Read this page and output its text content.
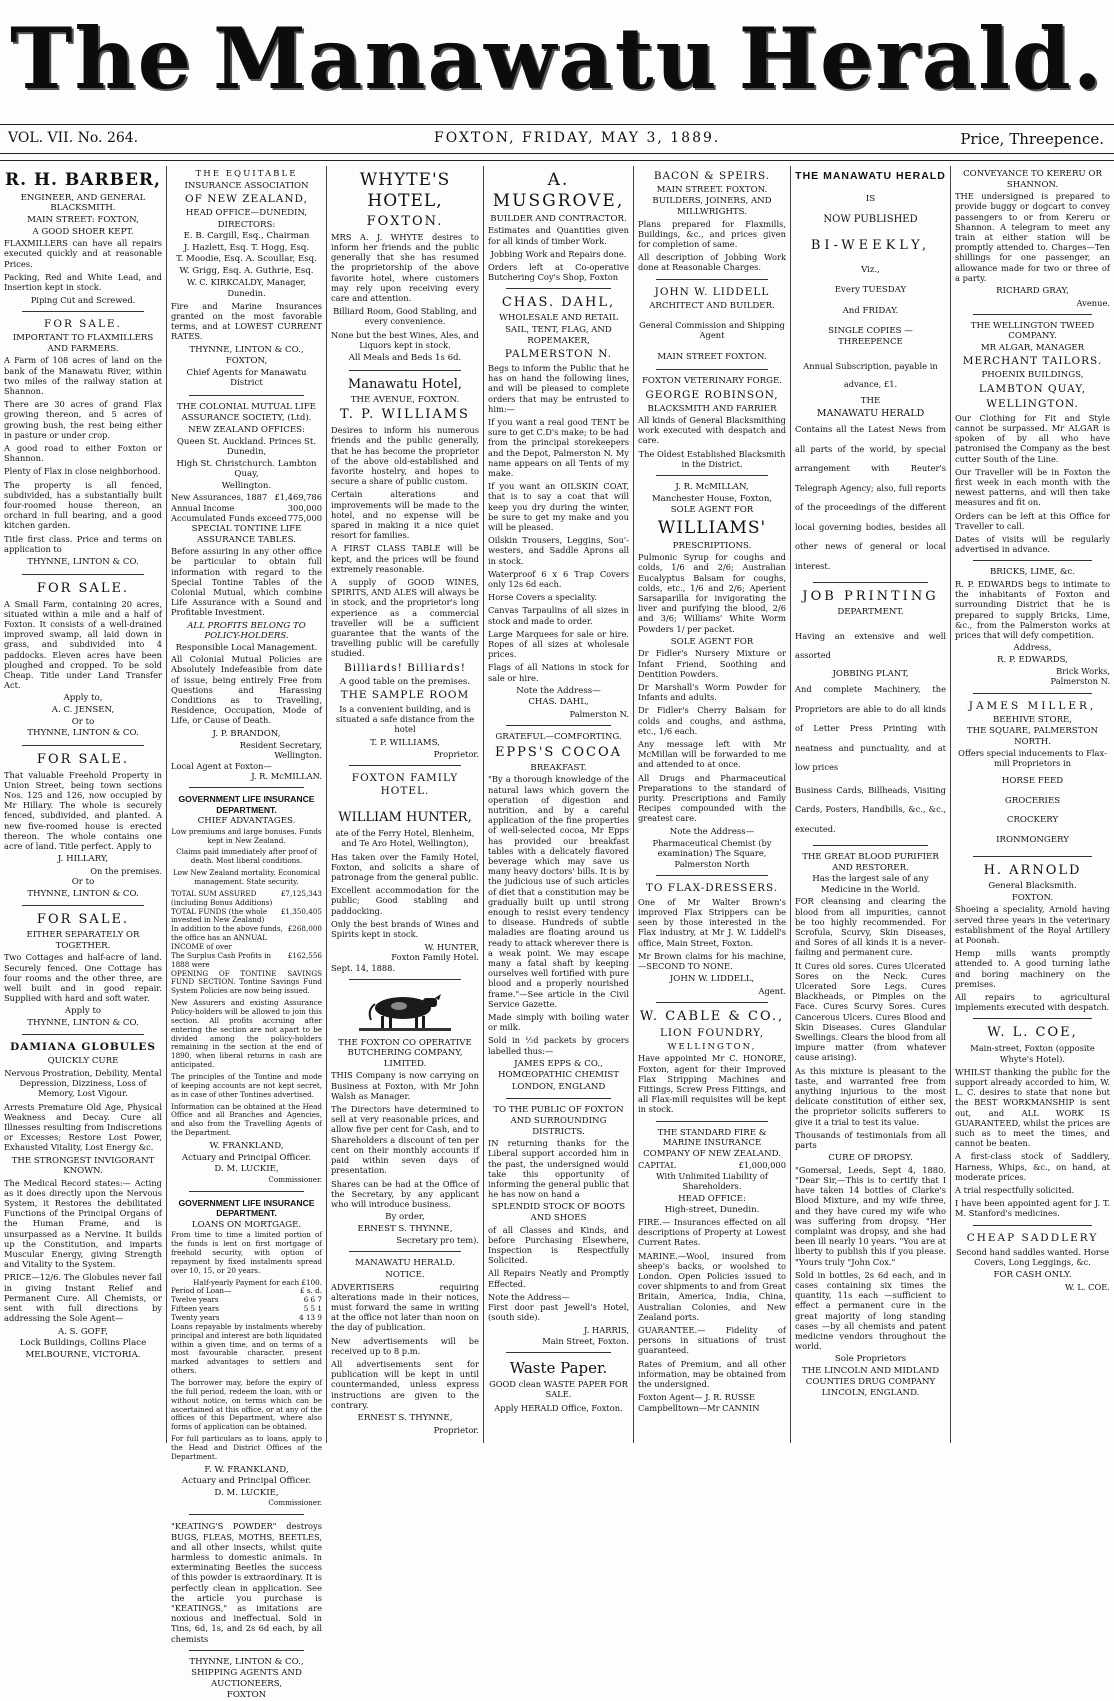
The Manawatu Herald.
VOL. VII. No. 264.	FOXTON, FRIDAY, MAY 3, 1889.	Price, Threepence.
R. H. BARBER,
ENGINEER, AND GENERAL BLACKSMITH.
MAIN STREET: FOXTON,
A GOOD SHOER KEPT.

FLAXMILLERS can have all repairs executed quickly and at reasonable Prices.

Packing, Red and White Lead, and Insertion kept in stock.

Piping Cut and Screwed.

FOR SALE.
IMPORTANT TO FLAXMILLERS AND FARMERS.

A Farm of 108 acres of land on the bank of the Manawatu River, within two miles of the railway station at Shannon.

There are 30 acres of grand Flax growing thereon, and 5 acres of growing bush, the rest being either in pasture or under crop.

A good road to either Foxton or Shannon.

Plenty of Flax in close neighborhood.

The property is all fenced, subdivided, has a substantially built four-roomed house thereon, an orchard in full bearing, and a good kitchen garden.

Title first class. Price and terms on application to

THYNNE, LINTON & CO.
FOR SALE.

A Small Farm, containing 20 acres, situated within a mile and a half of Foxton. It consists of a well-drained improved swamp, all laid down in grass, and subdivided into 4 paddocks. Eleven acres have been ploughed and cropped. To be sold Cheap. Title under Land Transfer Act.

Apply to,
A. C. JENSEN,
Or to
THYNNE, LINTON & CO.
FOR SALE.

That valuable Freehold Property in Union Street, being town sections Nos. 125 and 126, now occupied by Mr Hillary. The whole is securely fenced, subdivided, and planted. A new five-roomed house is erected thereon. The whole contains one acre of land. Title perfect. Apply to

J. HILLARY,
On the premises.
Or to
THYNNE, LINTON & CO.
FOR SALE.
EITHER SEPARATELY OR TOGETHER.

Two Cottages and half-acre of land. Securely fenced. One Cottage has four rooms and the other three, are well built and in good repair. Supplied with hard and soft water.

Apply to
THYNNE, LINTON & CO.
DAMIANA GLOBULES
QUICKLY CURE

Nervous Prostration, Debility, Mental Depression, Dizziness, Loss of Memory, Lost Vigour.

Arrests Premature Old Age, Physical Weakness and Decay. Cure all Illnesses resulting from Indiscretions or Excesses; Restore Lost Power, Exhausted Vitality, Lost Energy &c.

THE STRONGEST INVIGORANT KNOWN.

The Medical Record states:— Acting as it does directly upon the Nervous System, it Restores the debilitated Functions of the Principal Organs of the Human Frame, and is unsurpassed as a Nervine. It builds up the Constitution, and imparts Muscular Energy, giving Strength and Vitality to the System.

PRICE—12/6. The Globules never fail in giving Instant Relief and Permanent Cure. All Chemists, or sent with full directions by addressing the Sole Agent—

A. S. GOFF,
Lock Buildings, Collins Place
MELBOURNE, VICTORIA.
THE EQUITABLE
INSURANCE ASSOCIATION
OF NEW ZEALAND,
HEAD OFFICE—DUNEDIN,
DIRECTORS:
E. B. Cargill, Esq., Chairman
J. Hazlett, Esq. T. Hogg, Esq.
T. Moodie, Esq. A. Scoullar, Esq.
W. Grigg, Esq. A. Guthrie, Esq.

W. C. KIRKCALDY, Manager, Dunedin.

Fire and Marine Insurances granted on the most favorable terms, and at LOWEST CURRENT RATES.

THYNNE, LINTON & CO.,
FOXTON,
Chief Agents for Manawatu District
THE COLONIAL MUTUAL LIFE
ASSURANCE SOCIETY, (Ltd).
NEW ZEALAND OFFICES:
Queen St. Auckland. Princes St. Dunedin,
High St. Christchurch. Lambton Quay,
Wellington.
New Assurances, 1887 £1,469,786
Annual Income	300,000
Accumulated Funds exceed 775,000
SPECIAL TONTINE LIFE ASSURANCE TABLES.

Before assuring in any other office be particular to obtain full information with regard to the Special Tontine Tables of the Colonial Mutual, which combine Life Assurance with a Sound and Profitable Investment.

ALL PROFITS BELONG TO POLICY-HOLDERS.
Responsible Local Management.

All Colonial Mutual Policies are Absolutely Indefeasible from date of issue, being entirely Free from Questions and Harassing Conditions as to Travelling, Residence, Occupation, Mode of Life, or Cause of Death.

J. P. BRANDON,
Resident Secretary,
Wellington.
Local Agent at Foxton—
J. R. McMILLAN.
GOVERNMENT LIFE INSURANCE DEPARTMENT.
CHIEF ADVANTAGES.

Low premiums and large bonuses. Funds kept in New Zealand.

Claims paid immediately after proof of death. Most liberal conditions.

Low New Zealand mortality. Economical management. State security.

TOTAL SUM ASSURED (including Bonus Additions)
£7,125,343
TOTAL FUNDS (the whole invested in New Zealand)
£1,350,405
In addition to the above funds, the office has an ANNUAL INCOME of over
£268,000
The Surplus Cash Profits in 1888 were
£162,556

OPENING OF TONTINE SAVINGS FUND SECTION. Tontine Savings Fund System Policies are now being issued.

New Assurers and existing Assurance Policy-holders will be allowed to join this section. All profits accruing after entering the section are not apart to be divided among the policy-holders remaining in the section at the end of 1890, when liberal returns in cash are anticipated.

The principles of the Tontine and mode of keeping accounts are not kept secret, as in case of other Tontines advertised.

Information can be obtained at the Head Office and all Branches and Agencies, and also from the Travelling Agents of the Department.

W. FRANKLAND,
Actuary and Principal Officer.
D. M. LUCKIE,
Commissioner.
GOVERNMENT LIFE INSURANCE DEPARTMENT.
LOANS ON MORTGAGE.

From time to time a limited portion of the funds is lent on first mortgage of freehold security, with option of repayment by fixed instalments spread over 10, 15, or 20 years.

Half-yearly Payment for each £100.
Period of Loan—	£ s. d.
Twelve years	6 6 7
Fifteen years	5 5 1
Twenty years	4 13 9

Loans repayable by instalments whereby principal and interest are both liquidated within a given time, and on terms of a most favourable character, present marked advantages to settlers and others.

The borrower may, before the expiry of the full period, redeem the loan, with or without notice, on terms which can be ascertained at this office, or at any of the offices of this Department, where also forms of application can be obtained.

For full particulars as to loans, apply to the Head and District Offices of the Department.

F. W. FRANKLAND,
Actuary and Principal Officer.
D. M. LUCKIE,
Commissioner.

"KEATING'S POWDER" destroys BUGS, FLEAS, MOTHS, BEETLES, and all other insects, whilst quite harmless to domestic animals. In exterminating Beetles the success of this powder is extraordinary. It is perfectly clean in application. See the article you purchase is "KEATINGS," as imitations are noxious and ineffectual. Sold in Tins, 6d, 1s, and 2s 6d each, by all chemists

THYNNE, LINTON & CO.,
SHIPPING AGENTS AND AUCTIONEERS,
FOXTON
WHYTE'S HOTEL,
FOXTON.

MRS A. J. WHYTE desires to inform her friends and the public generally that she has resumed the proprietorship of the above favorite hotel, where customers may rely upon receiving every care and attention.

Billiard Room, Good Stabling, and every convenience.

None but the best Wines, Ales, and Liquors kept in stock.

All Meals and Beds 1s 6d.
Manawatu Hotel,
THE AVENUE, FOXTON.
T. P. WILLIAMS

Desires to inform his numerous friends and the public generally, that he has become the proprietor of the above old-established and favorite hostelry, and hopes to secure a share of public custom.

Certain alterations and improvements will be made to the hotel, and no expense will be spared in making it a nice quiet resort for families.

A FIRST CLASS TABLE will be kept, and the prices will be found extremely reasonable.

A supply of GOOD WINES, SPIRITS, AND ALES will always be in stock, and the proprietor's long experience as a commercial traveller will be a sufficient guarantee that the wants of the travelling public will be carefully studied.

Billiards! Billiards!
A good table on the premises.
THE SAMPLE ROOM

Is a convenient building, and is situated a safe distance from the hotel

T. P. WILLIAMS,
Proprietor.
FOXTON FAMILY HOTEL.
WILLIAM HUNTER,

ate of the Ferry Hotel, Blenheim, and Te Aro Hotel, Wellington),

Has taken over the Family Hotel, Foxton, and solicits a share of patronage from the general public.

Excellent accommodation for the public; Good stabling and paddocking.

Only the best brands of Wines and Spirits kept in stock.

W. HUNTER,
Foxton Family Hotel.
Sept. 14, 1888.
THE FOXTON CO OPERATIVE BUTCHERING COMPANY, LIMITED.

THIS Company is now carrying on Business at Foxton, with Mr John Walsh as Manager.

The Directors have determined to sell at very reasonable prices, and allow five per cent for Cash, and to Shareholders a discount of ten per cent on their monthly accounts if paid within seven days of presentation.

Shares can be had at the Office of the Secretary, by any applicant who will introduce business.

By order,
ERNEST S. THYNNE,
Secretary pro tem).
MANAWATU HERALD.
NOTICE.

ADVERTISERS requiring alterations made in their notices, must forward the same in writing at the office not later than noon on the day of publication.

New advertisements will be received up to 8 p.m.

All advertisements sent for publication will be kept in until countermanded, unless express instructions are given to the contrary.

ERNEST S. THYNNE,
Proprietor.
A. MUSGROVE,
BUILDER AND CONTRACTOR.

Estimates and Quantities given for all kinds of timber Work.

Jobbing Work and Repairs done.

Orders left at Co-operative Butchering Coy's Shop, Foxton

CHAS. DAHL,
WHOLESALE AND RETAIL
SAIL, TENT, FLAG, AND ROPEMAKER,
PALMERSTON N.

Begs to inform the Public that he has on hand the following lines, and will be pleased to complete orders that may be entrusted to him:—

If you want a real good TENT be sure to get C.D's make; to be had from the principal storekeepers and the Depot, Palmerston N. My name appears on all Tents of my make.

If you want an OILSKIN COAT, that is to say a coat that will keep you dry during the winter, be sure to get my make and you will be pleased.

Oilskin Trousers, Leggins, Sou'-westers, and Saddle Aprons all in stock.

Waterproof 6 x 6 Trap Covers only 12s 6d each.

Horse Covers a speciality.

Canvas Tarpaulins of all sizes in stock and made to order.

Large Marquees for sale or hire. Ropes of all sizes at wholesale prices.

Flags of all Nations in stock for sale or hire.

Note the Address—
CHAS. DAHL,
Palmerston N.
GRATEFUL—COMFORTING.
EPPS'S COCOA
BREAKFAST.

"By a thorough knowledge of the natural laws which govern the operation of digestion and nutrition, and by a careful application of the fine properties of well-selected cocoa, Mr Epps has provided our breakfast tables with a delicately flavored beverage which may save us many heavy doctors' bills. It is by the judicious use of such articles of diet that a constitution may be gradually built up until strong enough to resist every tendency to disease. Hundreds of subtle maladies are floating around us ready to attack wherever there is a weak point. We may escape many a fatal shaft by keeping ourselves well fortified with pure blood and a properly nourished frame."—See article in the Civil Service Gazette.

Made simply with boiling water or milk.

Sold in ½d packets by grocers labelled thus:—

JAMES EPPS & CO.,
HOMŒOPATHIC CHEMIST
LONDON, ENGLAND
TO THE PUBLIC OF FOXTON AND SURROUNDING DISTRICTS.

IN returning thanks for the Liberal support accorded him in the past, the undersigned would take this opportunity of informing the general public that he has now on hand a

SPLENDID STOCK OF BOOTS AND SHOES

of all Classes and Kinds, and before Purchasing Elsewhere, Inspection is Respectfully Solicited.

All Repairs Neatly and Promptly Effected.

Note the Address—

First door past Jewell's Hotel, (south side).

J. HARRIS,
Main Street, Foxton.
Waste Paper.

GOOD clean WASTE PAPER FOR SALE.

Apply HERALD Office, Foxton.

BACON & SPEIRS.
MAIN STREET. FOXTON.
BUILDERS, JOINERS, AND MILLWRIGHTS.

Plans prepared for Flaxmills, Buildings, &c., and prices given for completion of same.

All description of Jobbing Work done at Reasonable Charges.

JOHN W. LIDDELL
ARCHITECT AND BUILDER.

General Commission and Shipping Agent

MAIN STREET FOXTON.
FOXTON VETERINARY FORGE.
GEORGE ROBINSON,
BLACKSMITH AND FARRIER

All kinds of General Blacksmithing work executed with despatch and care.

The Oldest Established Blacksmith in the District.

J. R. McMILLAN,
Manchester House, Foxton,
SOLE AGENT FOR
WILLIAMS'
PRESCRIPTIONS.

Pulmonic Syrup for coughs and colds, 1/6 and 2/6; Australian Eucalyptus Balsam for coughs, colds, etc., 1/6 and 2/6; Aperient Sarsaparilla for invigorating the liver and purifying the blood, 2/6 and 3/6; Williams' White Worm Powders 1/ per packet.

SOLE AGENT FOR

Dr Fidler's Nursery Mixture or Infant Friend, Soothing and Dentition Powders.

Dr Marshall's Worm Powder for Infants and adults.

Dr Fidler's Cherry Balsam for colds and coughs, and asthma, etc., 1/6 each.

Any message left with Mr McMillan will be forwarded to me and attended to at once.

All Drugs and Pharmaceutical Preparations to the standard of purity. Prescriptions and Family Recipes compounded with the greatest care.

Note the Address—

Pharmaceutical Chemist (by examination) The Square, Palmerston North

TO FLAX-DRESSERS.

One of Mr Walter Brown's improved Flax Strippers can be seen by those interested in the Flax industry, at Mr J. W. Liddell's office, Main Street, Foxton.

Mr Brown claims for his machine,—SECOND TO NONE.

JOHN W. LIDDELL,
Agent.
W. CABLE & CO.,
LION FOUNDRY,
WELLINGTON,

Have appointed Mr C. HONORE, Foxton, agent for their Improved Flax Stripping Machines and Fittings, Screw Press Fittings, and all Flax-mill requisites will be kept in stock.

THE STANDARD FIRE & MARINE INSURANCE COMPANY OF NEW ZEALAND.
CAPITAL	£1,000,000

With Unlimited Liability of Shareholders.

HEAD OFFICE:
High-street, Dunedin.

FIRE.— Insurances effected on all descriptions of Property at Lowest Current Rates.

MARINE.—Wool, insured from sheep's backs, or woolshed to London. Open Policies issued to cover shipments to and from Great Britain, America, India, China, Australian Colonies, and New Zealand ports.

GUARANTEE.— Fidelity of persons in situations of trust guaranteed.

Rates of Premium, and all other information, may be obtained from the undersigned.

Foxton Agent— J. R. RUSSE
Campbelltown—Mr CANNIN
THE MANAWATU HERALD
IS
NOW PUBLISHED
BI-WEEKLY,
Viz.,
Every TUESDAY
And FRIDAY.
SINGLE COPIES — THREEPENCE

Annual Subscription, payable in advance, £1.

THE
MANAWATU HERALD

Contains all the Latest News from all parts of the world, by special arrangement with Reuter's Telegraph Agency; also, full reports of the proceedings of the different local governing bodies, besides all other news of general or local interest.

JOB PRINTING
DEPARTMENT.

Having an extensive and well assorted

JOBBING PLANT,

And complete Machinery, the Proprietors are able to do all kinds of Letter Press Printing with neatness and punctuality, and at low prices

Business Cards, Billheads, Visiting Cards, Posters, Handbills, &c., &c., executed.

THE GREAT BLOOD PURIFIER AND RESTORER.
Has the largest sale of any Medicine in the World.

FOR cleansing and clearing the blood from all impurities, cannot be too highly recommended. For Scrofula, Scurvy, Skin Diseases, and Sores of all kinds it is a never-failing and permanent cure.

It Cures old sores. Cures Ulcerated Sores on the Neck. Cures Ulcerated Sore Legs. Cures Blackheads, or Pimples on the Face. Cures Scurvy Sores. Cures Cancerous Ulcers. Cures Blood and Skin Diseases. Cures Glandular Swellings. Clears the blood from all impure matter (from whatever cause arising).

As this mixture is pleasant to the taste, and warranted free from anything injurious to the most delicate constitution of either sex, the proprietor solicits sufferers to give it a trial to test its value.

Thousands of testimonials from all parts

CURE OF DROPSY.

"Gomersal, Leeds, Sept 4, 1880. "Dear Sir,—This is to certify that I have taken 14 bottles of Clarke's Blood Mixture, and my wife three, and they have cured my wife who was suffering from dropsy. "Her complaint was dropsy, and she had been ill nearly 10 years. "You are at liberty to publish this if you please. "Yours truly "John Cox."

Sold in bottles, 2s 6d each, and in cases containing six times the quantity, 11s each —sufficient to effect a permanent cure in the great majority of long standing cases —by all chemists and patent medicine vendors throughout the world.

Sole Proprietors
THE LINCOLN AND MIDLAND COUNTIES DRUG COMPANY
LINCOLN, ENGLAND.
CONVEYANCE TO KERERU OR SHANNON.

THE undersigned is prepared to provide buggy or dogcart to convey passengers to or from Kereru or Shannon. A telegram to meet any train at either station will be promptly attended to. Charges—Ten shillings for one passenger, an allowance made for two or three of a party.

RICHARD GRAY,
Avenue.
THE WELLINGTON TWEED COMPANY.
MR ALGAR, MANAGER
MERCHANT TAILORS.
PHOENIX BUILDINGS,
LAMBTON QUAY,
WELLINGTON.

Our Clothing for Fit and Style cannot be surpassed. Mr ALGAR is spoken of by all who have patronised the Company as the best cutter South of the Line.

Our Traveller will be in Foxton the first week in each month with the newest patterns, and will then take measures and fit on.

Orders can be left at this Office for Traveller to call.

Dates of visits will be regularly advertised in advance.

BRICKS, LIME, &c.

R. P. EDWARDS begs to intimate to the inhabitants of Foxton and surrounding District that he is prepared to supply Bricks, Lime, &c., from the Palmerston works at prices that will defy competition.

Address,
R. P. EDWARDS,
Brick Works,
Palmerston N.
JAMES MILLER,
BEEHIVE STORE,
THE SQUARE, PALMERSTON NORTH.

Offers special inducements to Flax-mill Proprietors in

HORSE FEED
GROCERIES
CROCKERY
IRONMONGERY
H. ARNOLD
General Blacksmith.
FOXTON.

Shoeing a speciality, Arnold having served three years in the veterinary establishment of the Royal Artillery at Poonah.

Hemp mills wants promptly attended to. A good turning lathe and boring machinery on the premises.

All repairs to agricultural implements executed with despatch.

W. L. COE,

Main-street, Foxton (opposite Whyte's Hotel).

WHILST thanking the public for the support already accorded to him, W. L. C. desires to state that none but the BEST WORKMANSHIP is sent out, and ALL WORK IS GUARANTEED, whilst the prices are such as to meet the times, and cannot be beaten.

A first-class stock of Saddlery, Harness, Whips, &c., on hand, at moderate prices.

A trial respectfully solicited.

I have been appointed agent for J. T. M. Stanford's medicines.

CHEAP SADDLERY

Second hand saddles wanted. Horse Covers, Long Leggings, &c.

FOR CASH ONLY.
W. L. COE.
